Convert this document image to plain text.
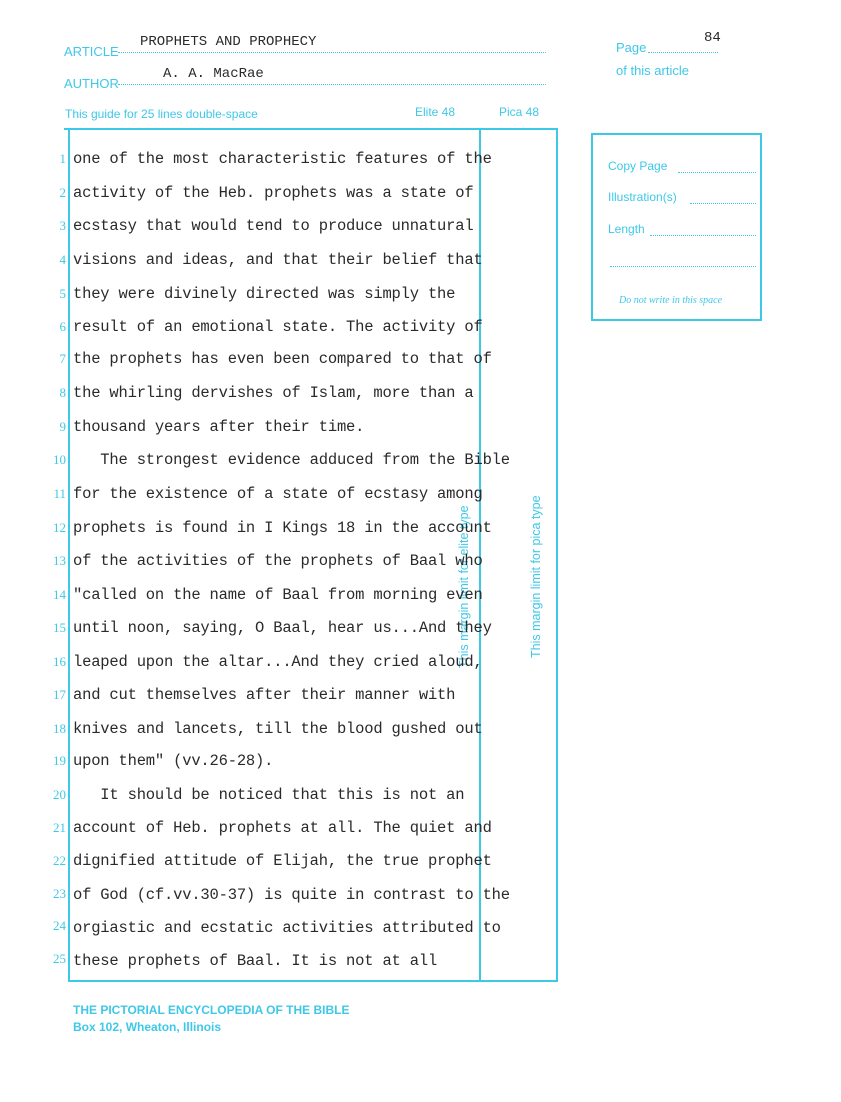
ARTICLE
PROPHETS AND PROPHECY
AUTHOR
A. A. MacRae
Page
84
of this article
This guide for 25 lines double-space	Elite 48	Pica 48
This margin limit for elite type	This margin limit for pica type
1 one of the most characteristic features of the
2 activity of the Heb. prophets was a state of
3 ecstasy that would tend to produce unnatural
4 visions and ideas, and that their belief that
5 they were divinely directed was simply the
6 result of an emotional state. The activity of
7 the prophets has even been compared to that of
8 the whirling dervishes of Islam, more than a
9 thousand years after their time.
10 The strongest evidence adduced from the Bible
11 for the existence of a state of ecstasy among
12 prophets is found in I Kings 18 in the account
13 of the activities of the prophets of Baal who
14 "called on the name of Baal from morning even
15 until noon, saying, O Baal, hear us...And they
16 leaped upon the altar...And they cried aloud,
17 and cut themselves after their manner with
18 knives and lancets, till the blood gushed out
19 upon them" (vv.26-28).
20 It should be noticed that this is not an
21 account of Heb. prophets at all. The quiet and
22 dignified attitude of Elijah, the true prophet
23 of God (cf.vv.30-37) is quite in contrast to the
24 orgiastic and ecstatic activities attributed to
25 these prophets of Baal. It is not at all
Copy Page
Illustration(s)
Length
Do not write in this space
THE PICTORIAL ENCYCLOPEDIA OF THE BIBLE
Box 102, Wheaton, Illinois
